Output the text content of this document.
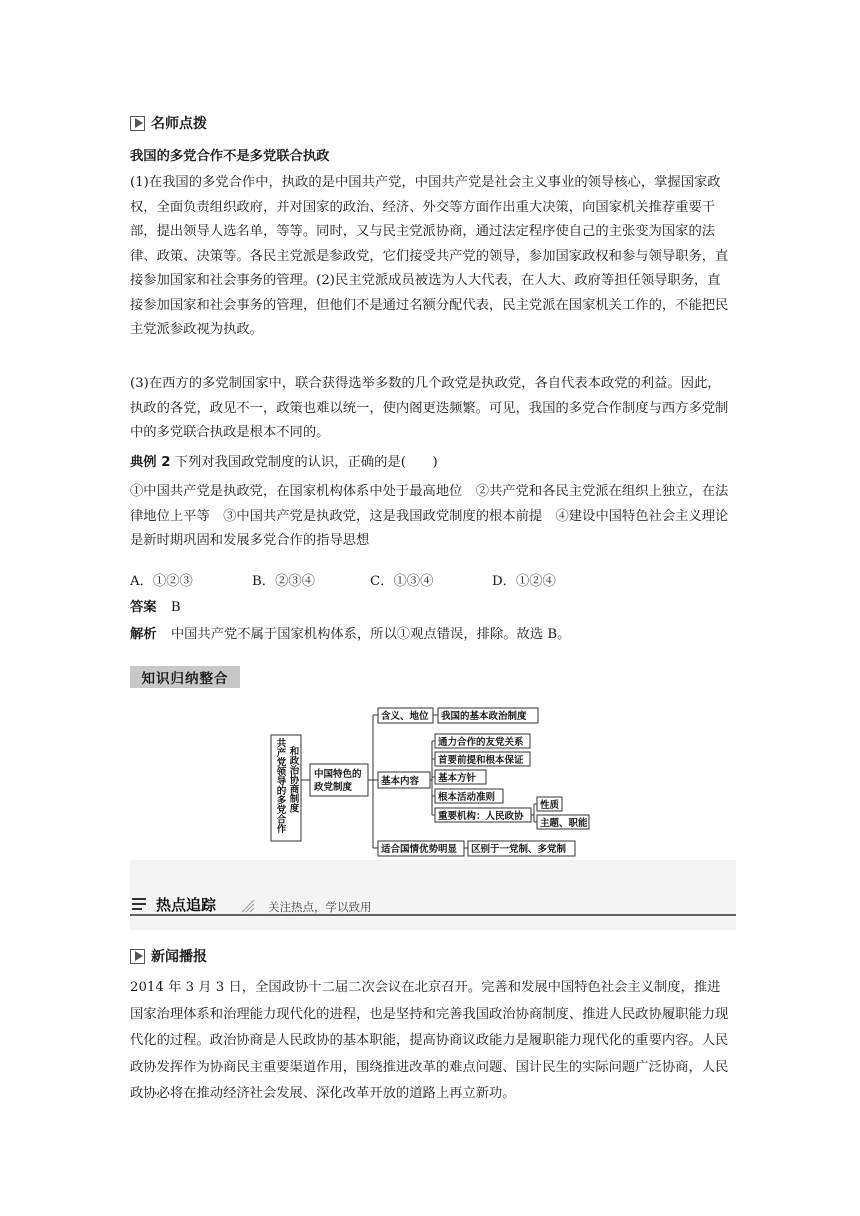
名师点拨
我国的多党合作不是多党联合执政
(1)在我国的多党合作中，执政的是中国共产党，中国共产党是社会主义事业的领导核心，掌握国家政权，全面负责组织政府，并对国家的政治、经济、外交等方面作出重大决策，向国家机关推荐重要干部，提出领导人选名单，等等。同时，又与民主党派协商，通过法定程序使自己的主张变为国家的法律、政策、决策等。各民主党派是参政党，它们接受共产党的领导，参加国家政权和参与领导职务，直接参加国家和社会事务的管理。(2)民主党派成员被选为人大代表，在人大、政府等担任领导职务，直接参加国家和社会事务的管理，但他们不是通过名额分配代表，民主党派在国家机关工作的，不能把民主党派参政视为执政。
(3)在西方的多党制国家中，联合获得选举多数的几个政党是执政党，各自代表本政党的利益。因此，执政的各党，政见不一，政策也难以统一，使内阁更迭频繁。可见，我国的多党合作制度与西方多党制中的多党联合执政是根本不同的。
典例 2 下列对我国政党制度的认识，正确的是(　　)
①中国共产党是执政党，在国家机构体系中处于最高地位　②共产党和各民主党派在组织上独立，在法律地位上平等　③中国共产党是执政党，这是我国政党制度的根本前提　④建设中国特色社会主义理论是新时期巩固和发展多党合作的指导思想
A．①②③	B．②③④	C．①③④	D．①②④
答案 B
解析 中国共产党不属于国家机构体系，所以①观点错误，排除。故选 B。
知识归纳整合
和政治协商制度
共产党领导的多党合作	中国特色的
政党制度
含义、地位 我国的基本政治制度
基本内容
通力合作的友党关系
首要前提和根本保证
基本方针
根本活动准则
重要机构：人民政协
性质
主题、职能
适合国情优势明显 区别于一党制、多党制
热点追踪	关注热点，学以致用
新闻播报
2014 年 3 月 3 日，全国政协十二届二次会议在北京召开。完善和发展中国特色社会主义制度，推进国家治理体系和治理能力现代化的进程，也是坚持和完善我国政治协商制度、推进人民政协履职能力现代化的过程。政治协商是人民政协的基本职能，提高协商议政能力是履职能力现代化的重要内容。人民政协发挥作为协商民主重要渠道作用，围绕推进改革的难点问题、国计民生的实际问题广泛协商，人民政协必将在推动经济社会发展、深化改革开放的道路上再立新功。
